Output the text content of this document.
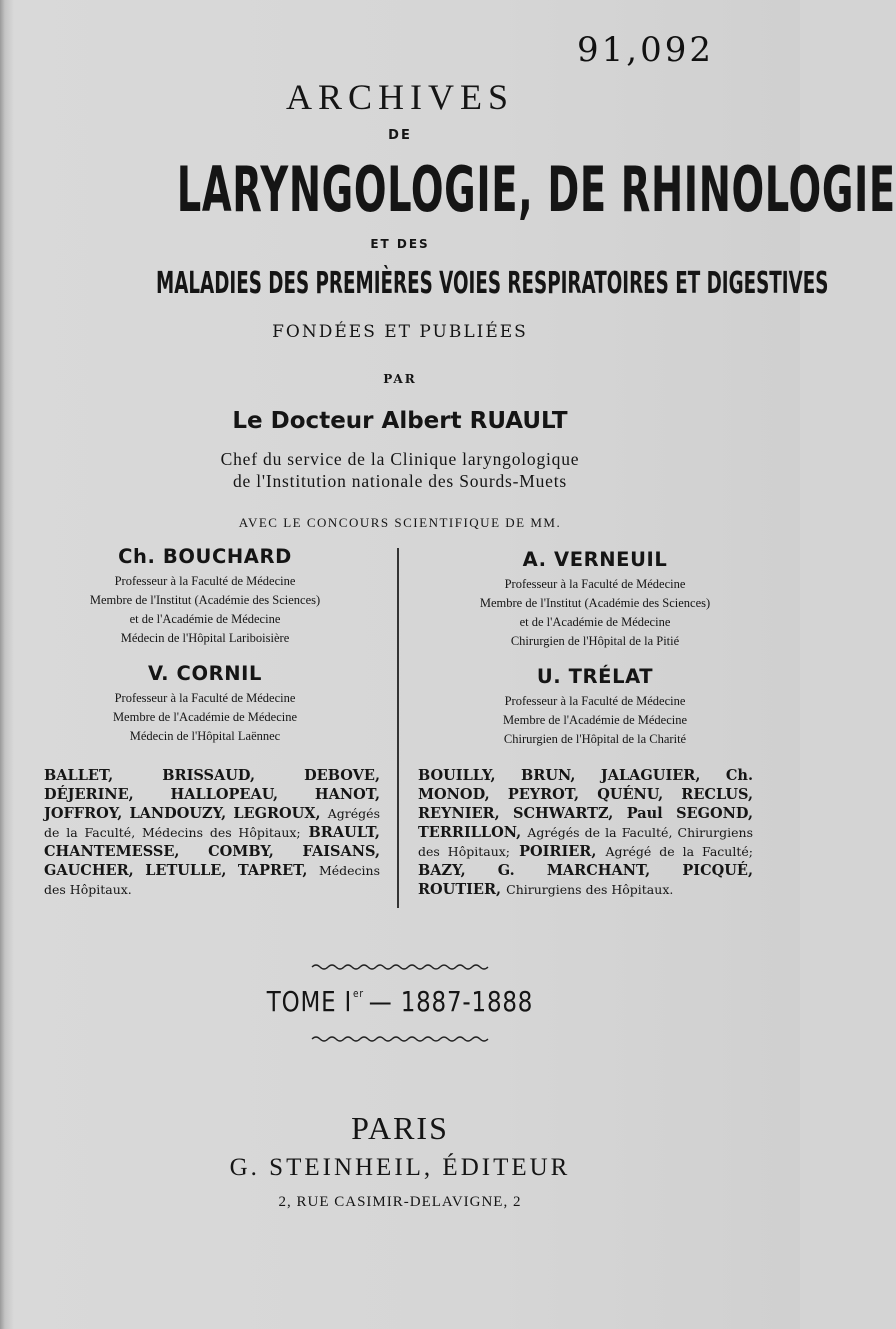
91,092
ARCHIVES
DE
LARYNGOLOGIE, DE RHINOLOGIE
ET DES
MALADIES DES PREMIÈRES VOIES RESPIRATOIRES ET DIGESTIVES
FONDÉES ET PUBLIÉES
PAR
Le Docteur Albert RUAULT
Chef du service de la Clinique laryngologique
de l'Institution nationale des Sourds-Muets
AVEC LE CONCOURS SCIENTIFIQUE DE MM.
Ch. BOUCHARD
Professeur à la Faculté de Médecine
Membre de l'Institut (Académie des Sciences)
et de l'Académie de Médecine
Médecin de l'Hôpital Lariboisière
A. VERNEUIL
Professeur à la Faculté de Médecine
Membre de l'Institut (Académie des Sciences)
et de l'Académie de Médecine
Chirurgien de l'Hôpital de la Pitié
V. CORNIL
Professeur à la Faculté de Médecine
Membre de l'Académie de Médecine
Médecin de l'Hôpital Laënnec
U. TRÉLAT
Professeur à la Faculté de Médecine
Membre de l'Académie de Médecine
Chirurgien de l'Hôpital de la Charité
BALLET, BRISSAUD, DEBOVE, DÉJERINE, HALLOPEAU, HANOT, JOFFROY, LANDOUZY, LEGROUX, Agrégés de la Faculté, Médecins des Hôpitaux; BRAULT, CHANTEMESSE, COMBY, FAISANS, GAUCHER, LETULLE, TAPRET, Médecins des Hôpitaux.
BOUILLY, BRUN, JALAGUIER, Ch. MONOD, PEYROT, QUÉNU, RECLUS, REYNIER, SCHWARTZ, Paul SEGOND, TERRILLON, Agrégés de la Faculté, Chirurgiens des Hôpitaux; POIRIER, Agrégé de la Faculté; BAZY, G. MARCHANT, PICQUÉ, ROUTIER, Chirurgiens des Hôpitaux.
TOME Ier — 1887-1888
PARIS
G. STEINHEIL, ÉDITEUR
2, RUE CASIMIR-DELAVIGNE, 2
